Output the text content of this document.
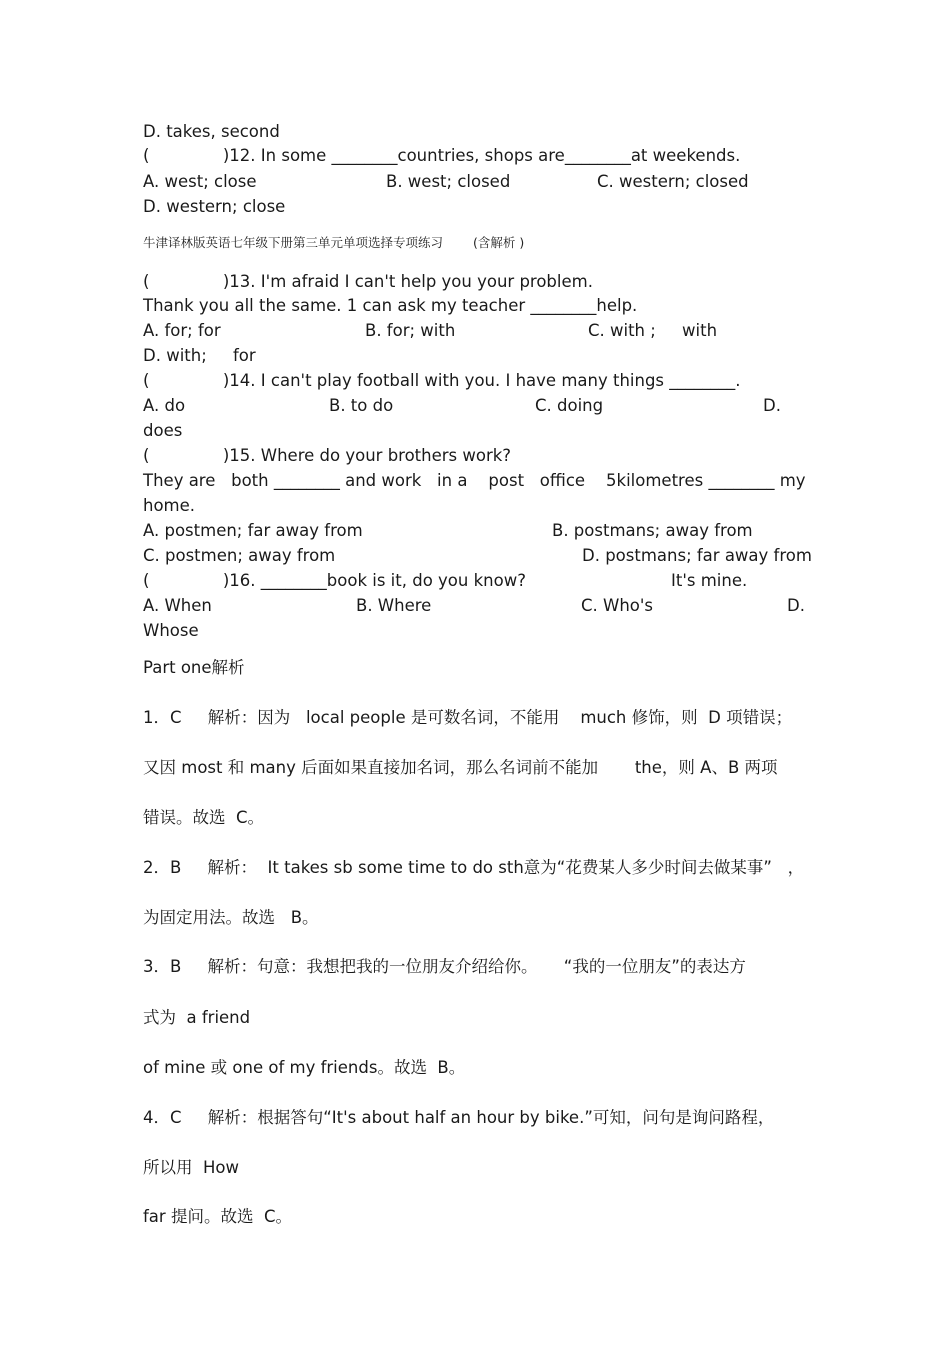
D. takes, second
(              )12. In some ________countries, shops are________at weekends.
A. west; close	B. west; closed	C. western; closed
D. western; close
牛津译林版英语七年级下册第三单元单项选择专项练习 (含解析 )
(              )13. I'm afraid I can't help you your problem.
Thank you all the same. 1 can ask my teacher ________help.
A. for; for	B. for; with	C. with ;     with
D. with;     for
(              )14. I can't play football with you. I have many things ________.
A. do	B. to do	C. doing	D.
does
(              )15. Where do your brothers work?
They are   both ________ and work   in a    post   office    5kilometres ________ my
home.
A. postmen; far away from	B. postmans; away from
C. postmen; away from	D. postmans; far away from
(              )16. ________book is it, do you know?	It's mine.
A. When	B. Where	C. Who's	D.
Whose
Part one解析
1．C     解析：因为   local people 是可数名词，不能用    much 修饰，则  D 项错误；
又因 most 和 many 后面如果直接加名词，那么名词前不能加       the，则 A、B 两项
错误。故选  C。
2．B     解析：  It takes sb some time to do sth意为“花费某人多少时间去做某事”   ，
为固定用法。故选   B。
3．B     解析：句意：我想把我的一位朋友介绍给你。     “我的一位朋友”的表达方
式为  a friend
of mine 或 one of my friends。故选  B。
4．C     解析：根据答句“It's about half an hour by bike.”可知，问句是询问路程，
所以用  How
far 提问。故选  C。
